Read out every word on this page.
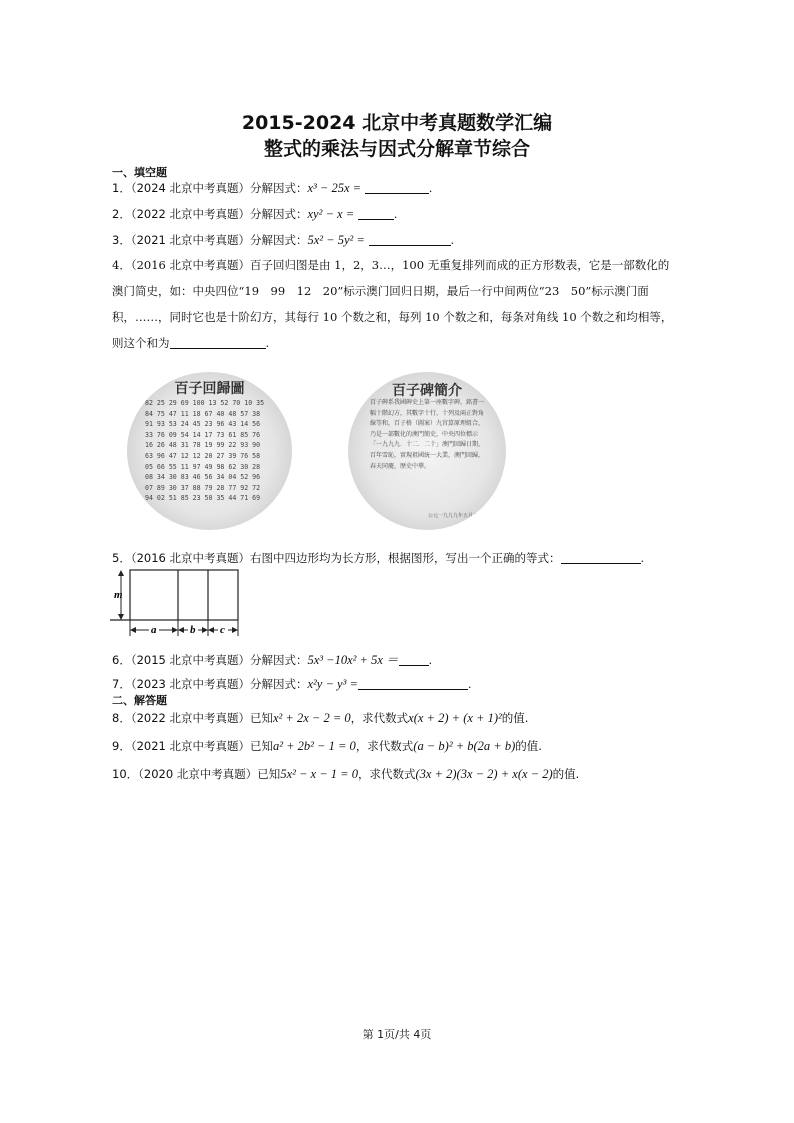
2015-2024 北京中考真题数学汇编
整式的乘法与因式分解章节综合
一、填空题
1．（2024 北京中考真题）分解因式：x³ − 25x =	.
2．（2022 北京中考真题）分解因式：xy² − x =	.
3．（2021 北京中考真题）分解因式：5x² − 5y² =	.
4．（2016 北京中考真题）百子回归图是由 1，2，3…，100 无重复排列而成的正方形数表，它是一部数化的
澳门简史，如：中央四位“19　99　12　20”标示澳门回归日期，最后一行中间两位“23　50”标示澳门面
积，……，同时它也是十阶幻方，其每行 10 个数之和，每列 10 个数之和，每条对角线 10 个数之和均相等，
则这个和为	.
百子回歸圖
82 25 29 69 100 13 52 70 10 35
84 75 47 11 18 67 40 48 57 38
91 93 53 24 45 23 96 43 14 56
33 76 09 54 14 17 73 61 85 76
16 26 48 31 78 19 99 22 93 90
63 96 47 12 12 20 27 39 76 58
05 66 55 11 97 49 98 62 30 28
08 34 30 83 46 56 34 04 52 96
07 89 30 37 88 79 28 77 92 72
94 02 51 85 23 50 35 44 71 69
百子碑簡介
百子碑系我國碑史上第一座數字碑，銘書一幅十階幻方，其數字十行、十列及兩正對角線等和，百子格（圖案）九宮算原理組合，乃是一部數化的澳門簡史，中央四位標示「一九九九．十二．二十」澳門回歸日期，百年雪恥，實現祖國統一大業，澳門回歸，春天同慶，歷史中華。
公元一九九九年五月五日
5．（2016 北京中考真题）右图中四边形均为长方形，根据图形，写出一个正确的等式：	.
m
a	b c
6．（2015 北京中考真题）分解因式：5x³ −10x² + 5x ＝	.
7．（2023 北京中考真题）分解因式：x²y − y³ =	.
二、解答题
8．（2022 北京中考真题）已知x² + 2x − 2 = 0，求代数式x(x + 2) + (x + 1)²的值.
9．（2021 北京中考真题）已知a² + 2b² − 1 = 0，求代数式(a − b)² + b(2a + b)的值.
10．（2020 北京中考真题）已知5x² − x − 1 = 0，求代数式(3x + 2)(3x − 2) + x(x − 2)的值.
第 1页/共 4页
